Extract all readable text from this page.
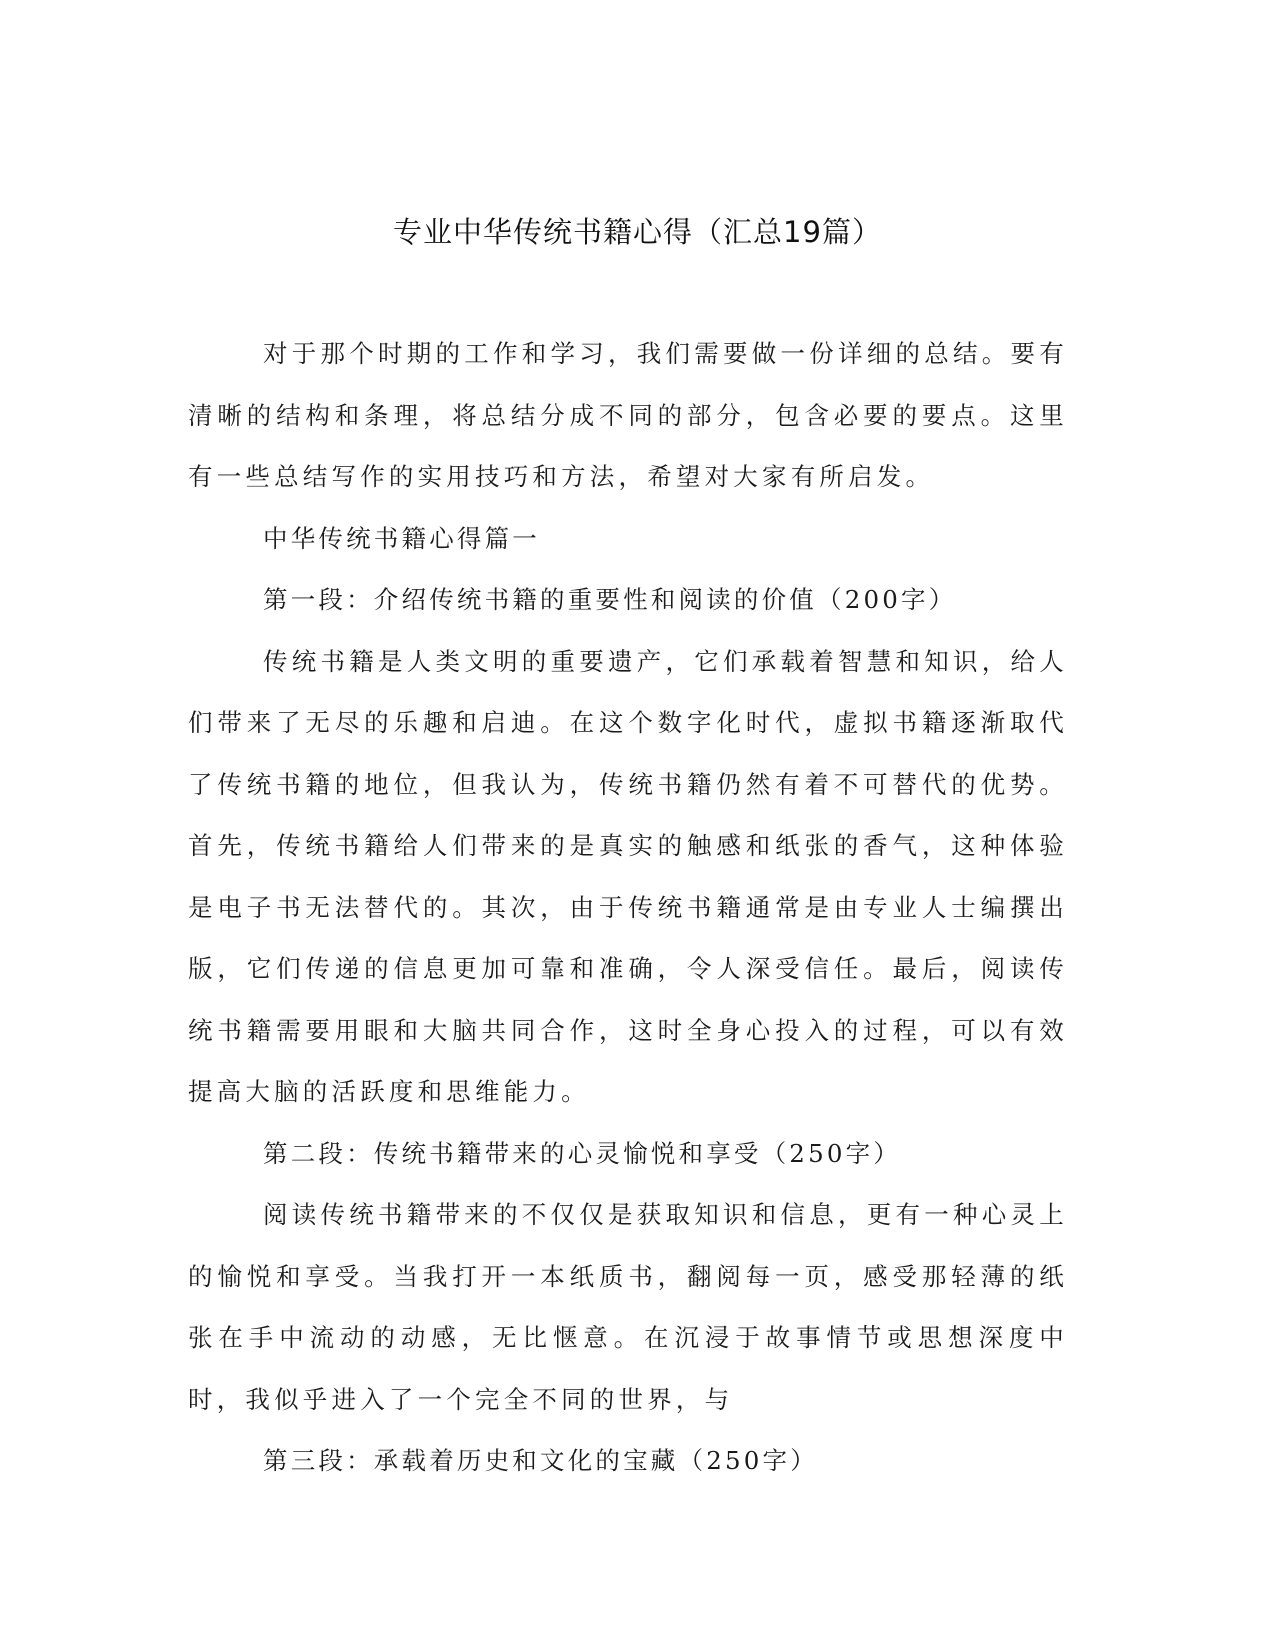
专业中华传统书籍心得（汇总19篇）

对于那个时期的工作和学习，我们需要做一份详细的总结。要有清晰的结构和条理，将总结分成不同的部分，包含必要的要点。这里有一些总结写作的实用技巧和方法，希望对大家有所启发。

中华传统书籍心得篇一

第一段：介绍传统书籍的重要性和阅读的价值（200字）

传统书籍是人类文明的重要遗产，它们承载着智慧和知识，给人们带来了无尽的乐趣和启迪。在这个数字化时代，虚拟书籍逐渐取代了传统书籍的地位，但我认为，传统书籍仍然有着不可替代的优势。首先，传统书籍给人们带来的是真实的触感和纸张的香气，这种体验是电子书无法替代的。其次，由于传统书籍通常是由专业人士编撰出版，它们传递的信息更加可靠和准确，令人深受信任。最后，阅读传统书籍需要用眼和大脑共同合作，这时全身心投入的过程，可以有效提高大脑的活跃度和思维能力。

第二段：传统书籍带来的心灵愉悦和享受（250字）

阅读传统书籍带来的不仅仅是获取知识和信息，更有一种心灵上的愉悦和享受。当我打开一本纸质书，翻阅每一页，感受那轻薄的纸张在手中流动的动感，无比惬意。在沉浸于故事情节或思想深度中时，我似乎进入了一个完全不同的世界，与

第三段：承载着历史和文化的宝藏（250字）
